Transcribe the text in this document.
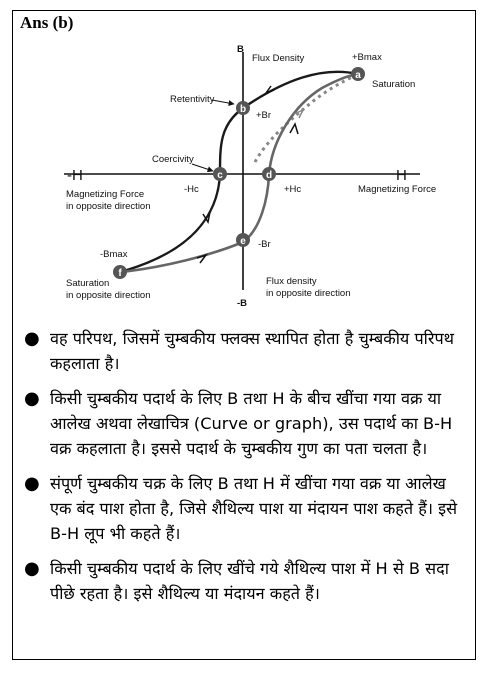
Ans (b)
a
b
c	d
e
f
B
Flux Density	+Bmax
Saturation
Retentivity
+Br
Coercivity
-H	H
-Hc	+Hc	Magnetizing Force
Magnetizing Force
in opposite direction
-Br
-Bmax
Saturation
in opposite direction
Flux density
in opposite direction
-B
● वह परिपथ, जिसमें चुम्बकीय फ्लक्स स्थापित होता है चुम्बकीय परिपथ कहलाता है।
● किसी चुम्बकीय पदार्थ के लिए B तथा H के बीच खींचा गया वक्र या आलेख अथवा लेखाचित्र (Curve or graph), उस पदार्थ का B-H वक्र कहलाता है। इससे पदार्थ के चुम्बकीय गुण का पता चलता है।
● संपूर्ण चुम्बकीय चक्र के लिए B तथा H में खींचा गया वक्र या आलेख एक बंद पाश होता है, जिसे शैथिल्य पाश या मंदायन पाश कहते हैं। इसे B-H लूप भी कहते हैं।
● किसी चुम्बकीय पदार्थ के लिए खींचे गये शैथिल्य पाश में H से B सदा पीछे रहता है। इसे शैथिल्य या मंदायन कहते हैं।
